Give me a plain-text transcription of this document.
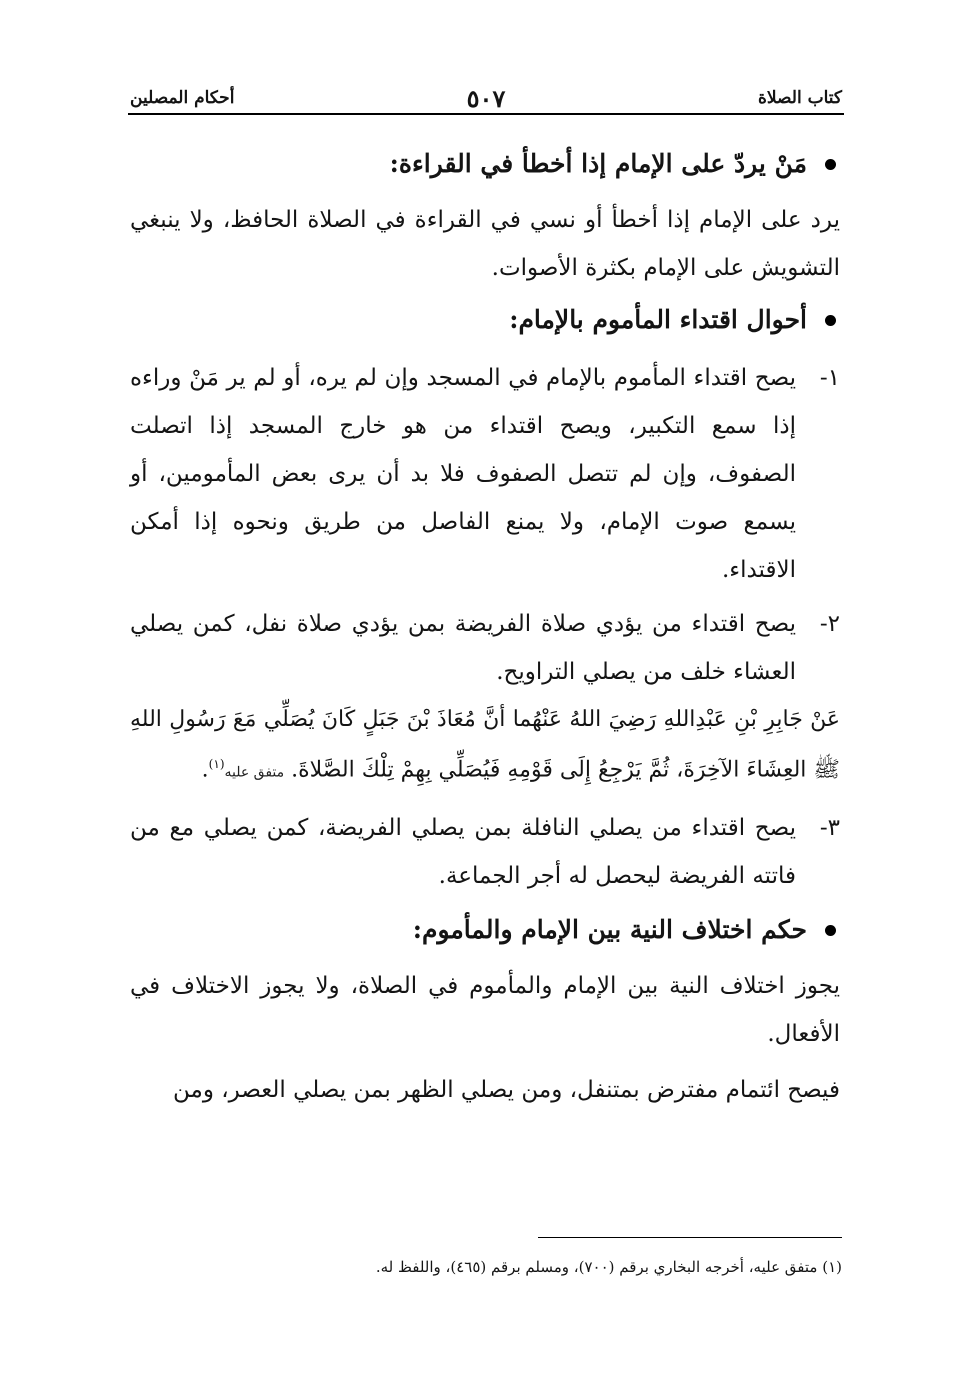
كتاب الصلاة
٥٠٧
أحكام المصلين
مَنْ يردّ على الإمام إذا أخطأ في القراءة:

يرد على الإمام إذا أخطأ أو نسي في القراءة في الصلاة الحافظ، ولا ينبغي التشويش على الإمام بكثرة الأصوات.

أحوال اقتداء المأموم بالإمام:
١-
يصح اقتداء المأموم بالإمام في المسجد وإن لم يره، أو لم ير مَنْ وراءه إذا سمع التكبير، ويصح اقتداء من هو خارج المسجد إذا اتصلت الصفوف، وإن لم تتصل الصفوف فلا بد أن يرى بعض المأمومين، أو يسمع صوت الإمام، ولا يمنع الفاصل من طريق ونحوه إذا أمكن الاقتداء.
٢-
يصح اقتداء من يؤدي صلاة الفريضة بمن يؤدي صلاة نفل، كمن يصلي العشاء خلف من يصلي التراويح.

عَنْ جَابِرِ بْنِ عَبْدِاللهِ رَضِيَ اللهُ عَنْهُما أنَّ مُعَاذَ بْنَ جَبَلٍ كَانَ يُصَلِّي مَعَ رَسُولِ اللهِ ﷺ العِشَاءَ الآخِرَةَ، ثُمَّ يَرْجِعُ إِلَى قَوْمِهِ فَيُصَلِّي بِهِمْ تِلْكَ الصَّلاةَ. متفق عليه$^{(١)}$.

٣-
يصح اقتداء من يصلي النافلة بمن يصلي الفريضة، كمن يصلي مع من فاتته الفريضة ليحصل له أجر الجماعة.
حكم اختلاف النية بين الإمام والمأموم:

يجوز اختلاف النية بين الإمام والمأموم في الصلاة، ولا يجوز الاختلاف في الأفعال.

فيصح ائتمام مفترض بمتنفل، ومن يصلي الظهر بمن يصلي العصر، ومن

(١) متفق عليه، أخرجه البخاري برقم (٧٠٠)، ومسلم برقم (٤٦٥)، واللفظ له.
